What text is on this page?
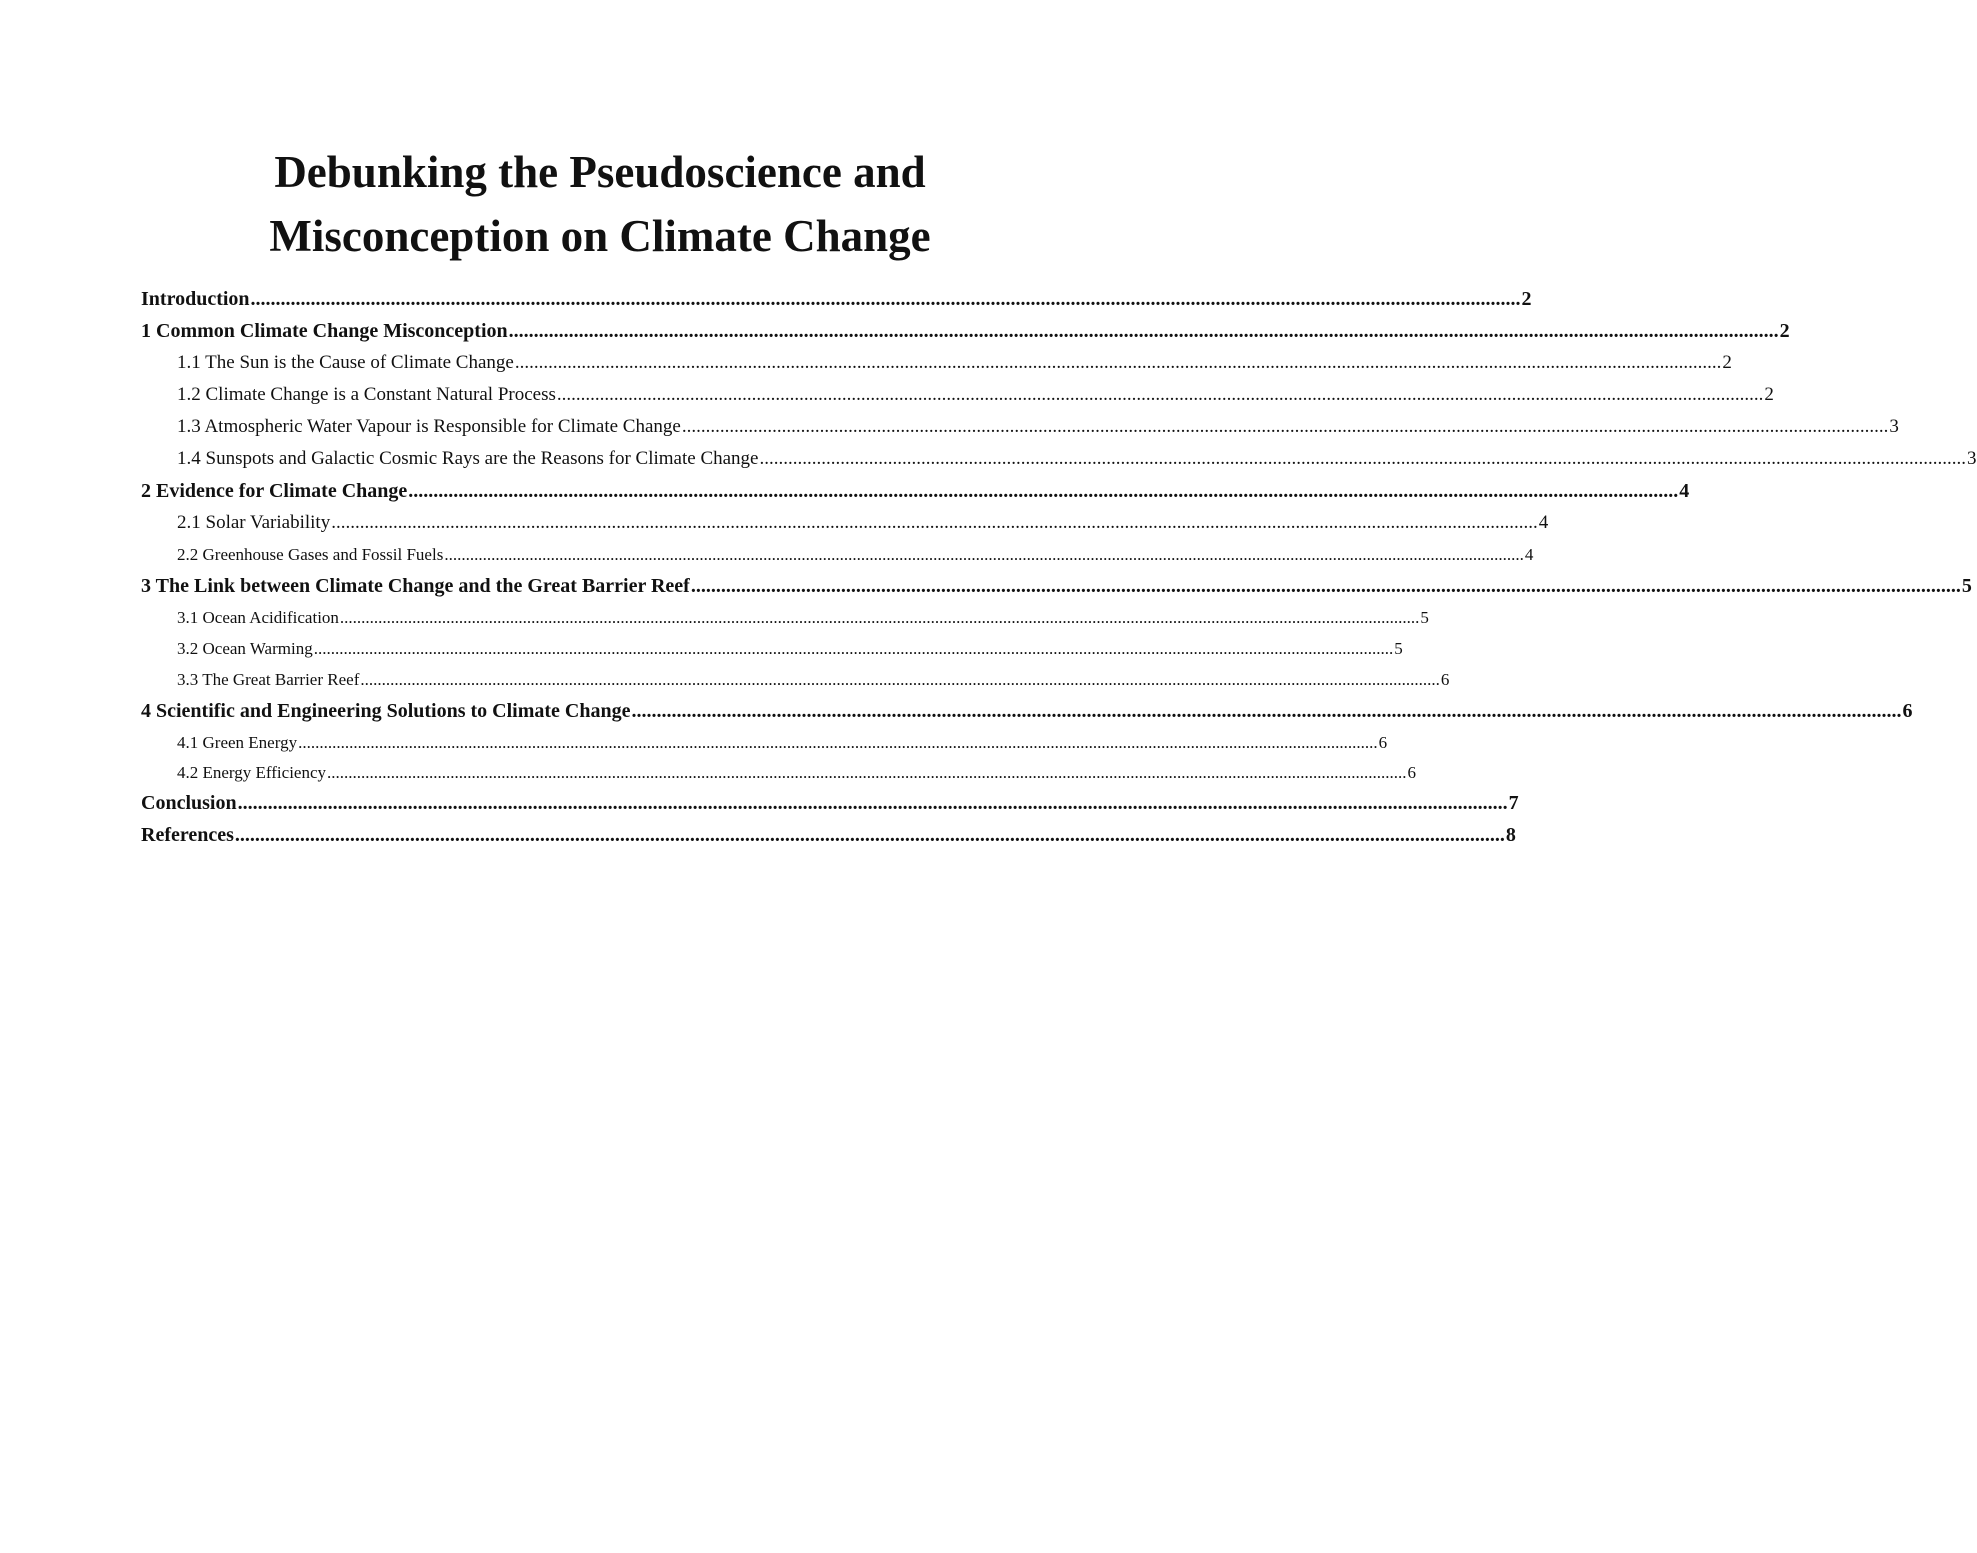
Debunking the Pseudoscience and
Misconception on Climate Change
Introduction .............................................................................................................................................................................................................................................................. 2
1 Common Climate Change Misconception .............................................................................................................................................................................................................................................................. 2
1.1 The Sun is the Cause of Climate Change .............................................................................................................................................................................................................................................................. 2
1.2 Climate Change is a Constant Natural Process .............................................................................................................................................................................................................................................................. 2
1.3 Atmospheric Water Vapour is Responsible for Climate Change .............................................................................................................................................................................................................................................................. 3
1.4 Sunspots and Galactic Cosmic Rays are the Reasons for Climate Change .............................................................................................................................................................................................................................................................. 3
2 Evidence for Climate Change .............................................................................................................................................................................................................................................................. 4
2.1 Solar Variability .............................................................................................................................................................................................................................................................. 4
2.2 Greenhouse Gases and Fossil Fuels .............................................................................................................................................................................................................................................................. 4
3 The Link between Climate Change and the Great Barrier Reef .............................................................................................................................................................................................................................................................. 5
3.1 Ocean Acidification .............................................................................................................................................................................................................................................................. 5
3.2 Ocean Warming .............................................................................................................................................................................................................................................................. 5
3.3 The Great Barrier Reef .............................................................................................................................................................................................................................................................. 6
4 Scientific and Engineering Solutions to Climate Change .............................................................................................................................................................................................................................................................. 6
4.1 Green Energy .............................................................................................................................................................................................................................................................. 6
4.2 Energy Efficiency .............................................................................................................................................................................................................................................................. 6
Conclusion .............................................................................................................................................................................................................................................................. 7
References .............................................................................................................................................................................................................................................................. 8
